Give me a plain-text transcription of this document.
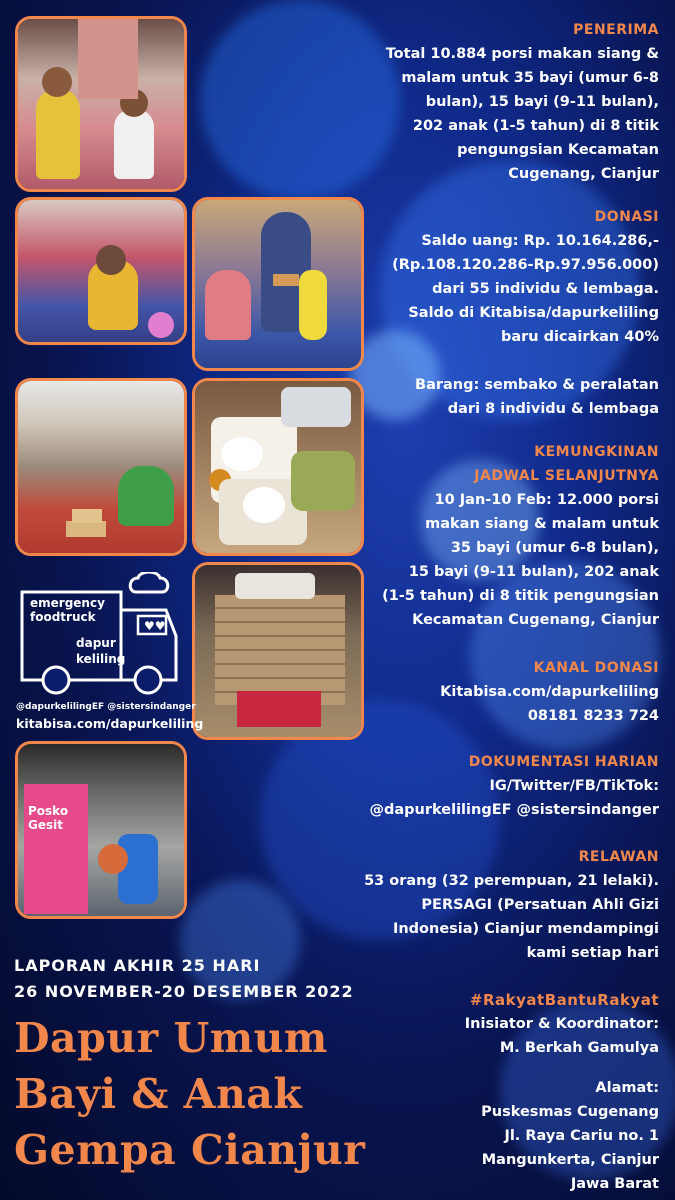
Posko
Gesit
♥♥
emergency
foodtruck
dapur
keliling
@dapurkelilingEF @sistersindanger
kitabisa.com/dapurkeliling
PENERIMA
Total 10.884 porsi makan siang &
malam untuk 35 bayi (umur 6-8
bulan), 15 bayi (9-11 bulan),
202 anak (1-5 tahun) di 8 titik
pengungsian Kecamatan
Cugenang, Cianjur
DONASI
Saldo uang: Rp. 10.164.286,-
(Rp.108.120.286-Rp.97.956.000)
dari 55 individu & lembaga.
Saldo di Kitabisa/dapurkeliling
baru dicairkan 40%
Barang: sembako & peralatan
dari 8 individu & lembaga
KEMUNGKINAN
JADWAL SELANJUTNYA
10 Jan-10 Feb: 12.000 porsi
makan siang & malam untuk
35 bayi (umur 6-8 bulan),
15 bayi (9-11 bulan), 202 anak
(1-5 tahun) di 8 titik pengungsian
Kecamatan Cugenang, Cianjur
KANAL DONASI
Kitabisa.com/dapurkeliling
08181 8233 724
DOKUMENTASI HARIAN
IG/Twitter/FB/TikTok:
@dapurkelilingEF @sistersindanger
RELAWAN
53 orang (32 perempuan, 21 lelaki).
PERSAGI (Persatuan Ahli Gizi
Indonesia) Cianjur mendampingi
kami setiap hari
#RakyatBantuRakyat
Inisiator & Koordinator:
M. Berkah Gamulya
Alamat:
Puskesmas Cugenang
Jl. Raya Cariu no. 1
Mangunkerta, Cianjur
Jawa Barat
LAPORAN AKHIR 25 HARI
26 NOVEMBER-20 DESEMBER 2022
Dapur Umum
Bayi & Anak
Gempa Cianjur
